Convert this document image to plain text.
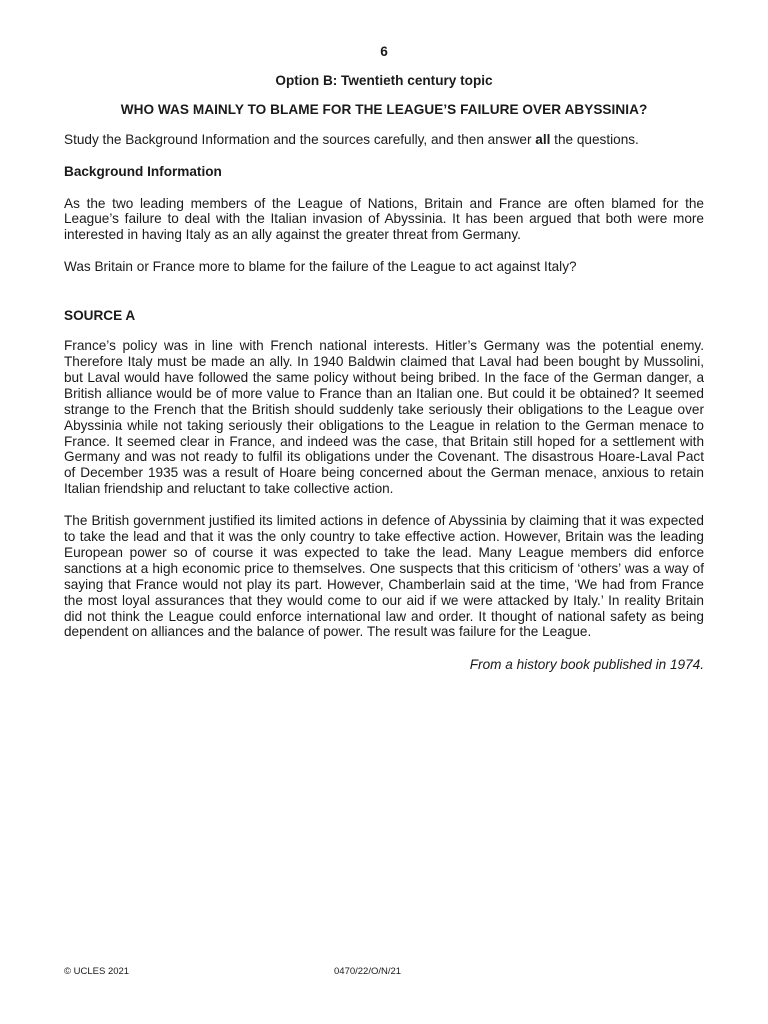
6
Option B: Twentieth century topic
WHO WAS MAINLY TO BLAME FOR THE LEAGUE’S FAILURE OVER ABYSSINIA?

Study the Background Information and the sources carefully, and then answer all the questions.

Background Information

As the two leading members of the League of Nations, Britain and France are often blamed for the League’s failure to deal with the Italian invasion of Abyssinia. It has been argued that both were more interested in having Italy as an ally against the greater threat from Germany.

Was Britain or France more to blame for the failure of the League to act against Italy?

SOURCE A

France’s policy was in line with French national interests. Hitler’s Germany was the potential enemy. Therefore Italy must be made an ally. In 1940 Baldwin claimed that Laval had been bought by Mussolini, but Laval would have followed the same policy without being bribed. In the face of the German danger, a British alliance would be of more value to France than an Italian one. But could it be obtained? It seemed strange to the French that the British should suddenly take seriously their obligations to the League over Abyssinia while not taking seriously their obligations to the League in relation to the German menace to France. It seemed clear in France, and indeed was the case, that Britain still hoped for a settlement with Germany and was not ready to fulfil its obligations under the Covenant. The disastrous Hoare-Laval Pact of December 1935 was a result of Hoare being concerned about the German menace, anxious to retain Italian friendship and reluctant to take collective action.

The British government justified its limited actions in defence of Abyssinia by claiming that it was expected to take the lead and that it was the only country to take effective action. However, Britain was the leading European power so of course it was expected to take the lead. Many League members did enforce sanctions at a high economic price to themselves. One suspects that this criticism of ‘others’ was a way of saying that France would not play its part. However, Chamberlain said at the time, ‘We had from France the most loyal assurances that they would come to our aid if we were attacked by Italy.’ In reality Britain did not think the League could enforce international law and order. It thought of national safety as being dependent on alliances and the balance of power. The result was failure for the League.

From a history book published in 1974.
© UCLES 2021	0470/22/O/N/21
